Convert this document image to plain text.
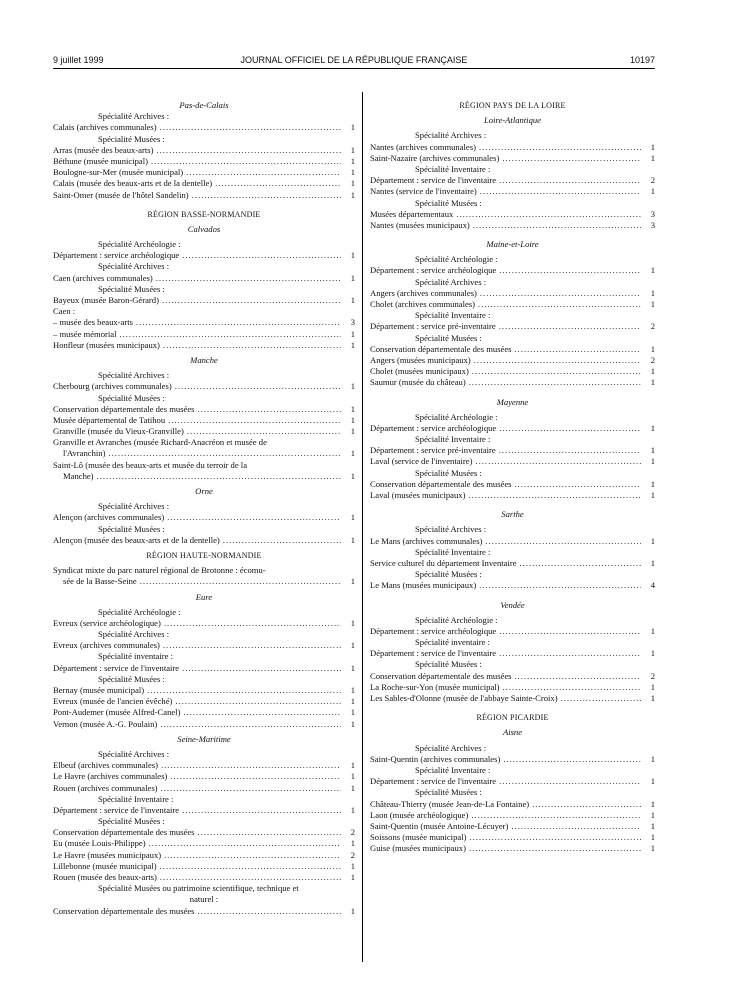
9 juillet 1999	JOURNAL OFFICIEL DE LA RÉPUBLIQUE FRANÇAISE	10197
Pas-de-Calais
Spécialité Archives :
Calais (archives communales) .....	1
Spécialité Musées :
Arras (musée des beaux-arts) .....	1
Béthune (musée municipal) .....	1
Boulogne-sur-Mer (musée municipal) .....	1
Calais (musée des beaux-arts et de la dentelle) .....	1
Saint-Omer (musée de l'hôtel Sandelin) .....	1
RÉGION BASSE-NORMANDIE
Calvados
Spécialité Archéologie :
Département : service archéologique .....	1
Spécialité Archives :
Caen (archives communales) .....	1
Spécialité Musées :
Bayeux (musée Baron-Gérard) .....	1
Caen :
– musée des beaux-arts .....	3
– musée mémorial .....	1
Honfleur (musées municipaux) .....	1
Manche
Spécialité Archives :
Cherbourg (archives communales) .....	1
Spécialité Musées :
Conservation départementale des musées .....	1
Musée départemental de Tatihou .....	1
Granville (musée du Vieux-Granville) .....	1
Granville et Avranches (musée Richard-Anacréon et musée de
l'Avranchin) .....	1
Saint-Lô (musée des beaux-arts et musée du terroir de la
Manche) .....	1
Orne
Spécialité Archives :
Alençon (archives communales) .....	1
Spécialité Musées :
Alençon (musée des beaux-arts et de la dentelle) .....	1
RÉGION HAUTE-NORMANDIE
Syndicat mixte du parc naturel régional de Brotonne : écomu-
sée de la Basse-Seine .....	1
Eure
Spécialité Archéologie :
Evreux (service archéologique) .....	1
Spécialité Archives :
Evreux (archives communales) .....	1
Spécialité inventaire :
Département : service de l'inventaire .....	1
Spécialité Musées :
Bernay (musée municipal) .....	1
Evreux (musée de l'ancien évêché) .....	1
Pont-Audemer (musée Alfred-Canel) .....	1
Vernon (musée A.-G. Poulain) .....	1
Seine-Maritime
Spécialité Archives :
Elbeuf (archives communales) .....	1
Le Havre (archives communales) .....	1
Rouen (archives communales) .....	1
Spécialité Inventaire :
Département : service de l'inventaire .....	1
Spécialité Musées :
Conservation départementale des musées .....	2
Eu (musée Louis-Philippe) .....	1
Le Havre (musées municipaux) .....	2
Lillebonne (musée municipal) .....	1
Rouen (musée des beaux-arts) .....	1
Spécialité Musées ou patrimoine scientifique, technique et
naturel :
Conservation départementale des musées .....	1
RÉGION PAYS DE LA LOIRE
Loire-Atlantique
Spécialité Archives :
Nantes (archives communales) .....	1
Saint-Nazaire (archives communales) .....	1
Spécialité Inventaire :
Département : service de l'inventaire .....	2
Nantes (service de l'inventaire) .....	1
Spécialité Musées :
Musées départementaux .....	3
Nantes (musées municipaux) .....	3
Maine-et-Loire
Spécialité Archéologie :
Département : service archéologique .....	1
Spécialité Archives :
Angers (archives communales) .....	1
Cholet (archives communales) .....	1
Spécialité Inventaire :
Département : service pré-inventaire .....	2
Spécialité Musées :
Conservation départementale des musées .....	1
Angers (musées municipaux) .....	2
Cholet (musées municipaux) .....	1
Saumur (musée du château) .....	1
Mayenne
Spécialité Archéologie :
Département : service archéologique .....	1
Spécialité Inventaire :
Département : service pré-inventaire .....	1
Laval (service de l'inventaire) .....	1
Spécialité Musées :
Conservation départementale des musées .....	1
Laval (musées municipaux) .....	1
Sarthe
Spécialité Archives :
Le Mans (archives communales) .....	1
Spécialité Inventaire :
Service culturel du département Inventaire .....	1
Spécialité Musées :
Le Mans (musées municipaux) .....	4
Vendée
Spécialité Archéologie :
Département : service archéologique .....	1
Spécialité inventaire :
Département : service de l'inventaire .....	1
Spécialité Musées :
Conservation départementale des musées .....	2
La Roche-sur-Yon (musée municipal) .....	1
Les Sables-d'Olonne (musée de l'abbaye Sainte-Croix) .....	1
RÉGION PICARDIE
Aisne
Spécialité Archives :
Saint-Quentin (archives communales) .....	1
Spécialité Inventaire :
Département : service de l'inventaire .....	1
Spécialité Musées :
Château-Thierry (musée Jean-de-La Fontaine) .....	1
Laon (musée archéologique) .....	1
Saint-Quentin (musée Antoine-Lécuyer) .....	1
Soissons (musée municipal) .....	1
Guise (musées municipaux) .....	1
